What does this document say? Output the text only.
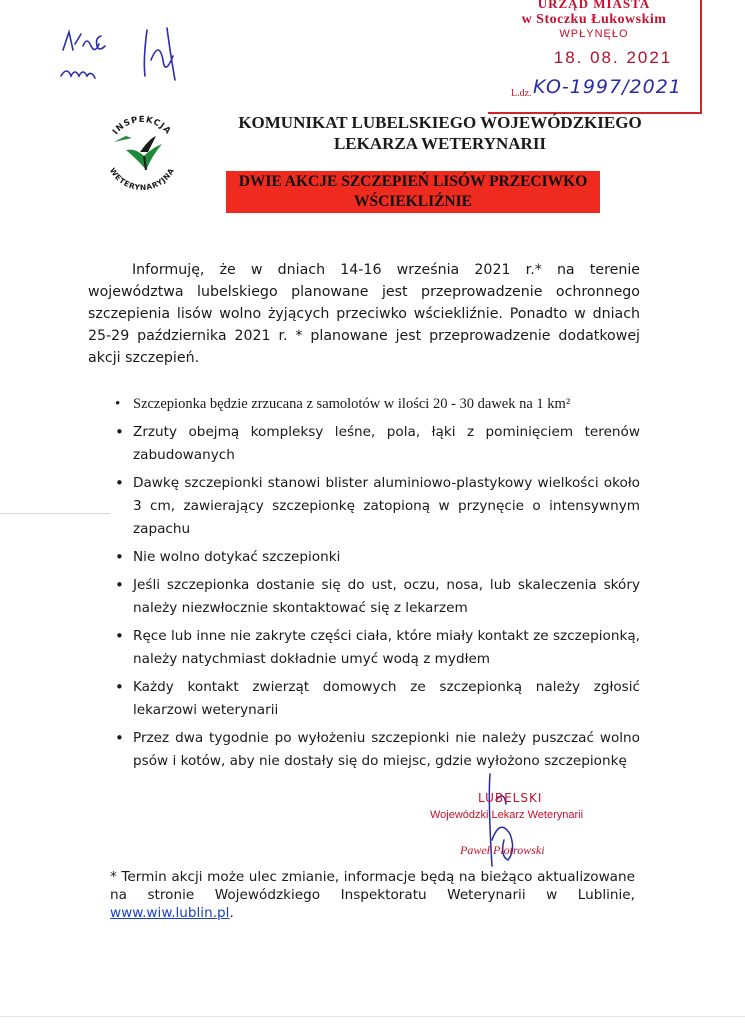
URZĄD MIASTA
w Stoczku Łukowskim
WPŁYNĘŁO
18. 08. 2021
L.dz. KO-1997/2021
INSPEKCJA
WETERYNARYJNA
KOMUNIKAT LUBELSKIEGO WOJEWÓDZKIEGO
LEKARZA WETERYNARII
DWIE AKCJE SZCZEPIEŃ LISÓW PRZECIWKO
WŚCIEKLIŹNIE

Informuję, że w dniach 14-16 września 2021 r.* na terenie województwa lubelskiego planowane jest przeprowadzenie ochronnego szczepienia lisów wolno żyjących przeciwko wściekliźnie. Ponadto w dniach 25-29 października 2021 r. * planowane jest przeprowadzenie dodatkowej akcji szczepień.

• Szczepionka będzie zrzucana z samolotów w ilości 20 - 30 dawek na 1 km²
• Zrzuty obejmą kompleksy leśne, pola, łąki z pominięciem terenów zabudowanych
• Dawkę szczepionki stanowi blister aluminiowo-plastykowy wielkości około 3 cm, zawierający szczepionkę zatopioną w przynęcie o intensywnym zapachu
• Nie wolno dotykać szczepionki
• Jeśli szczepionka dostanie się do ust, oczu, nosa, lub skaleczenia skóry należy niezwłocznie skontaktować się z lekarzem
• Ręce lub inne nie zakryte części ciała, które miały kontakt ze szczepionką, należy natychmiast dokładnie umyć wodą z mydłem
• Każdy kontakt zwierząt domowych ze szczepionką należy zgłosić lekarzowi weterynarii
• Przez dwa tygodnie po wyłożeniu szczepionki nie należy puszczać wolno psów i kotów, aby nie dostały się do miejsc, gdzie wyłożono szczepionkę
LUBELSKI
Wojewódzki Lekarz Weterynarii
Paweł Piotrowski

* Termin akcji może ulec zmianie, informacje będą na bieżąco aktualizowane na stronie Wojewódzkiego Inspektoratu Weterynarii w Lublinie, www.wiw.lublin.pl.
